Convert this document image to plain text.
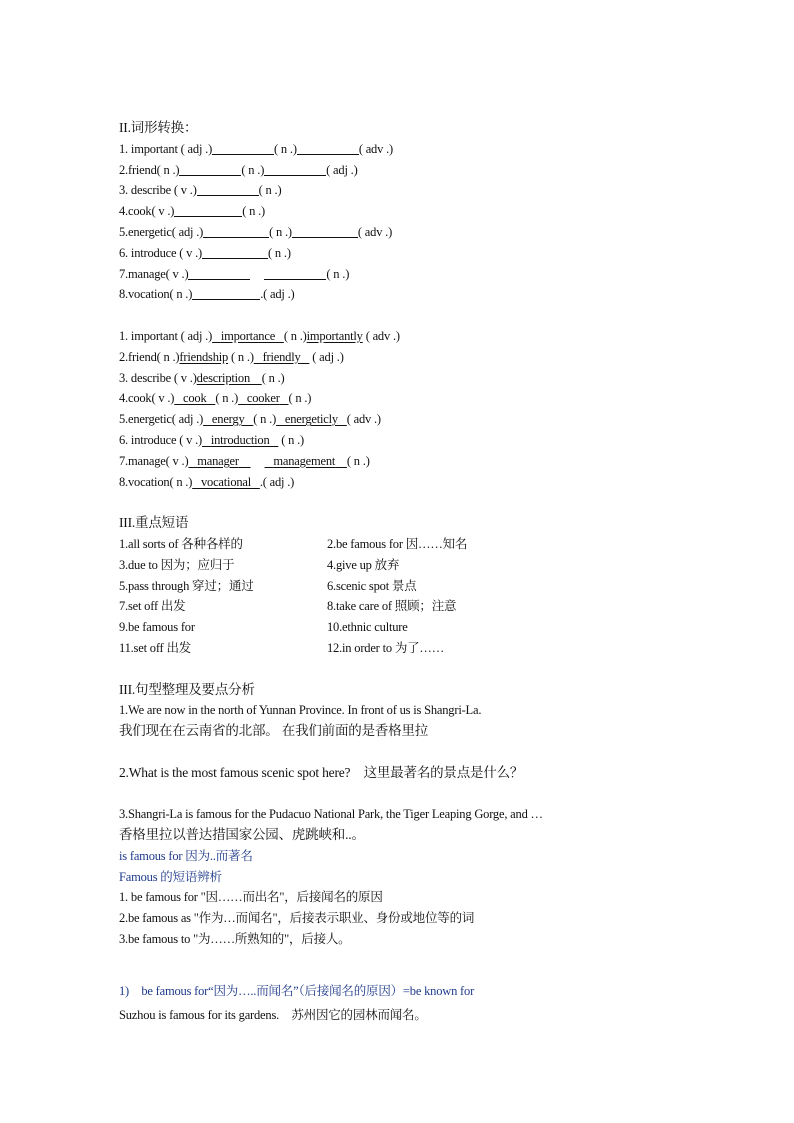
II.词形转换：
1. important ( adj .)	( n .)	( adv .)
2.friend( n .)	( n .)	( adj .)
3. describe ( v .)	( n .)
4.cook( v .)	( n .)
5.energetic( adj .)	( n .)	( adv .)
6. introduce ( v .)	( n .)
7.manage( v .)	( n .)
8.vocation( n .)	.( adj .)
1. important ( adj .) importance ( n .)importantly ( adv .)
2.friend( n .)friendship ( n .) friendly ( adj .)
3. describe ( v .)description ( n .)
4.cook( v .) cook ( n .) cooker ( n .)
5.energetic( adj .) energy ( n .) energeticly ( adv .)
6. introduce ( v .) introduction ( n .)
7.manage( v .) manager	management ( n .)
8.vocation( n .) vocational .( adj .)
III.重点短语
1.all sorts of 各种各样的	2.be famous for 因……知名
3.due to 因为；应归于	4.give up 放弃
5.pass through 穿过；通过	6.scenic spot 景点
7.set off 出发	8.take care of 照顾；注意
9.be famous for	10.ethnic culture
11.set off 出发	12.in order to 为了……
III.句型整理及要点分析
1.We are now in the north of Yunnan Province. In front of us is Shangri-La.
我们现在在云南省的北部。 在我们前面的是香格里拉
2.What is the most famous scenic spot here?　这里最著名的景点是什么？
3.Shangri-La is famous for the Pudacuo National Park, the Tiger Leaping Gorge, and …
香格里拉以普达措国家公园、虎跳峡和..。
is famous for 因为..而著名
Famous 的短语辨析
1. be famous for "因……而出名"，后接闻名的原因
2.be famous as "作为…而闻名"，后接表示职业、身份或地位等的词
3.be famous to "为……所熟知的"，后接人。
1)　be famous for“因为…..而闻名”（后接闻名的原因）=be known for
Suzhou is famous for its gardens.　苏州因它的园林而闻名。
